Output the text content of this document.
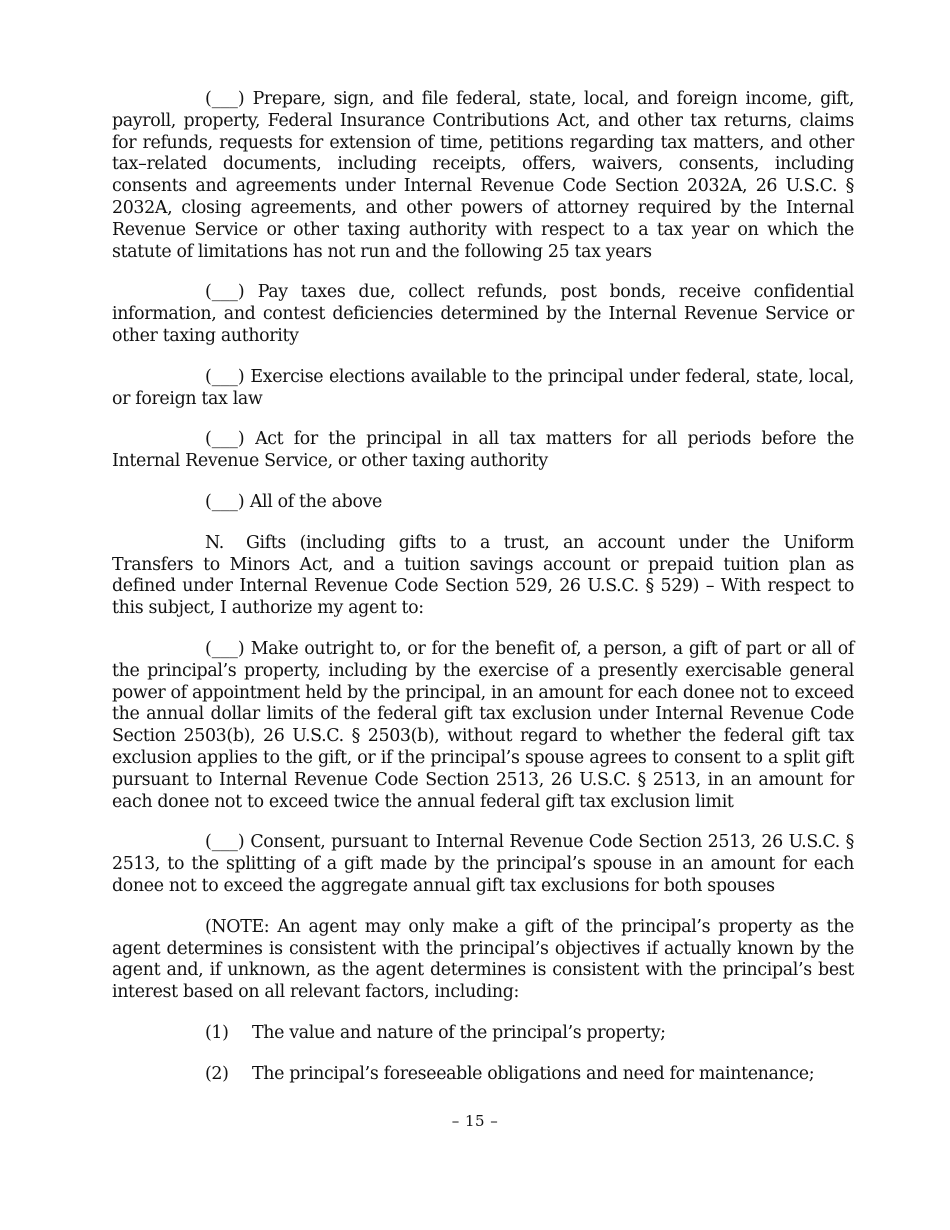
(___) Prepare, sign, and file federal, state, local, and foreign income, gift, payroll, property, Federal Insurance Contributions Act, and other tax returns, claims for refunds, requests for extension of time, petitions regarding tax matters, and other tax–related documents, including receipts, offers, waivers, consents, including consents and agreements under Internal Revenue Code Section 2032A, 26 U.S.C. § 2032A, closing agreements, and other powers of attorney required by the Internal Revenue Service or other taxing authority with respect to a tax year on which the statute of limitations has not run and the following 25 tax years

(___) Pay taxes due, collect refunds, post bonds, receive confidential information, and contest deficiencies determined by the Internal Revenue Service or other taxing authority

(___) Exercise elections available to the principal under federal, state, local, or foreign tax law

(___) Act for the principal in all tax matters for all periods before the Internal Revenue Service, or other taxing authority

(___) All of the above

N. Gifts (including gifts to a trust, an account under the Uniform Transfers to Minors Act, and a tuition savings account or prepaid tuition plan as defined under Internal Revenue Code Section 529, 26 U.S.C. § 529) – With respect to this subject, I authorize my agent to:

(___) Make outright to, or for the benefit of, a person, a gift of part or all of the principal’s property, including by the exercise of a presently exercisable general power of appointment held by the principal, in an amount for each donee not to exceed the annual dollar limits of the federal gift tax exclusion under Internal Revenue Code Section 2503(b), 26 U.S.C. § 2503(b), without regard to whether the federal gift tax exclusion applies to the gift, or if the principal’s spouse agrees to consent to a split gift pursuant to Internal Revenue Code Section 2513, 26 U.S.C. § 2513, in an amount for each donee not to exceed twice the annual federal gift tax exclusion limit

(___) Consent, pursuant to Internal Revenue Code Section 2513, 26 U.S.C. § 2513, to the splitting of a gift made by the principal’s spouse in an amount for each donee not to exceed the aggregate annual gift tax exclusions for both spouses

(NOTE: An agent may only make a gift of the principal’s property as the agent determines is consistent with the principal’s objectives if actually known by the agent and, if unknown, as the agent determines is consistent with the principal’s best interest based on all relevant factors, including:

(1)	The value and nature of the principal’s property;
(2)	The principal’s foreseeable obligations and need for maintenance;
– 15 –
